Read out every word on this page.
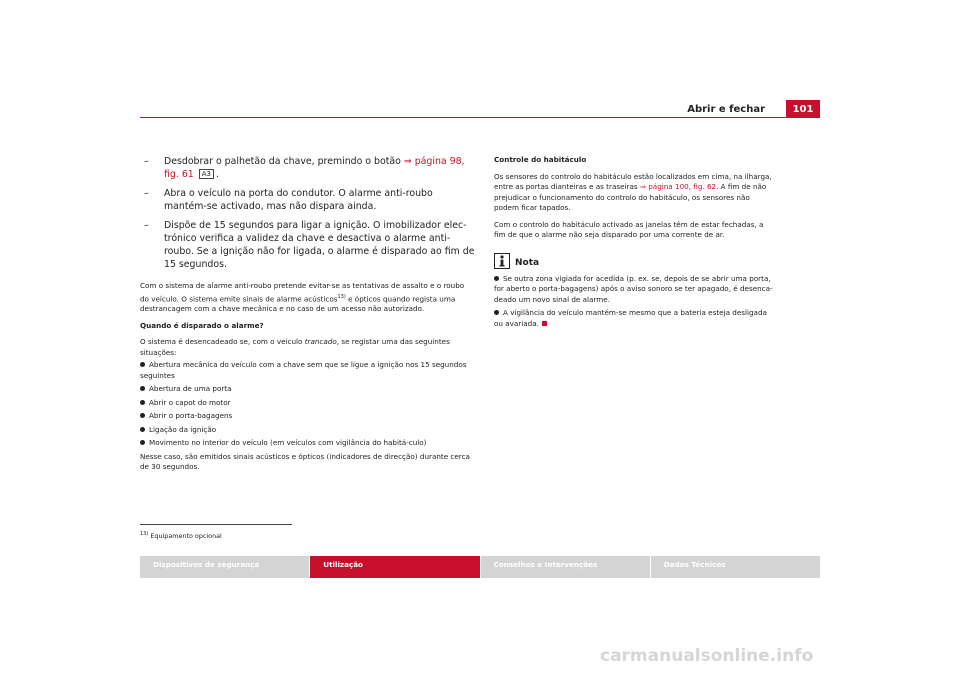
Abrir e fechar	101
– Desdobrar o palhetão da chave, premindo o botão ⇒ página 98, fig. 61 A3 .
– Abra o veículo na porta do condutor. O alarme anti-roubo mantém-se activado, mas não dispara ainda.
– Dispõe de 15 segundos para ligar a ignição. O imobilizador elec-trónico verifica a validez da chave e desactiva o alarme anti-roubo. Se a ignição não for ligada, o alarme é disparado ao fim de 15 segundos.

Com o sistema de alarme anti-roubo pretende evitar-se as tentativas de assalto e o roubo do veículo. O sistema emite sinais de alarme acústicos$^{13)}$ e ópticos quando regista uma destrancagem com a chave mecânica e no caso de um acesso não autorizado.

Quando é disparado o alarme?

O sistema é desencadeado se, com o veículo trancado, se registar uma das seguintes situações:

Abertura mecânica do veículo com a chave sem que se ligue a ignição nos 15 segundos seguintes
Abertura de uma porta
Abrir o capot do motor
Abrir o porta-bagagens
Ligação da ignição
Movimento no interior do veículo (em veículos com vigilância do habitá-culo)

Nesse caso, são emitidos sinais acústicos e ópticos (indicadores de direcção) durante cerca de 30 segundos.

Controle do habitáculo

Os sensores do controlo do habitáculo estão localizados em cima, na ilharga, entre as portas dianteiras e as traseiras ⇒ página 100, fig. 62. A fim de não prejudicar o funcionamento do controlo do habitáculo, os sensores não podem ficar tapados.

Com o controlo do habitáculo activado as janelas têm de estar fechadas, a fim de que o alarme não seja disparado por uma corrente de ar.

Nota
Se outra zona vigiada for acedida (p. ex. se, depois de se abrir uma porta, for aberto o porta-bagagens) após o aviso sonoro se ter apagado, é desenca-deado um novo sinal de alarme.
A vigilância do veículo mantém-se mesmo que a bateria esteja desligada ou avariada.
$^{13)}$ Equipamento opcional
Dispositivos de segurança	Utilização	Conselhos e Intervenções	Dados Técnicos
carmanualsonline.info
